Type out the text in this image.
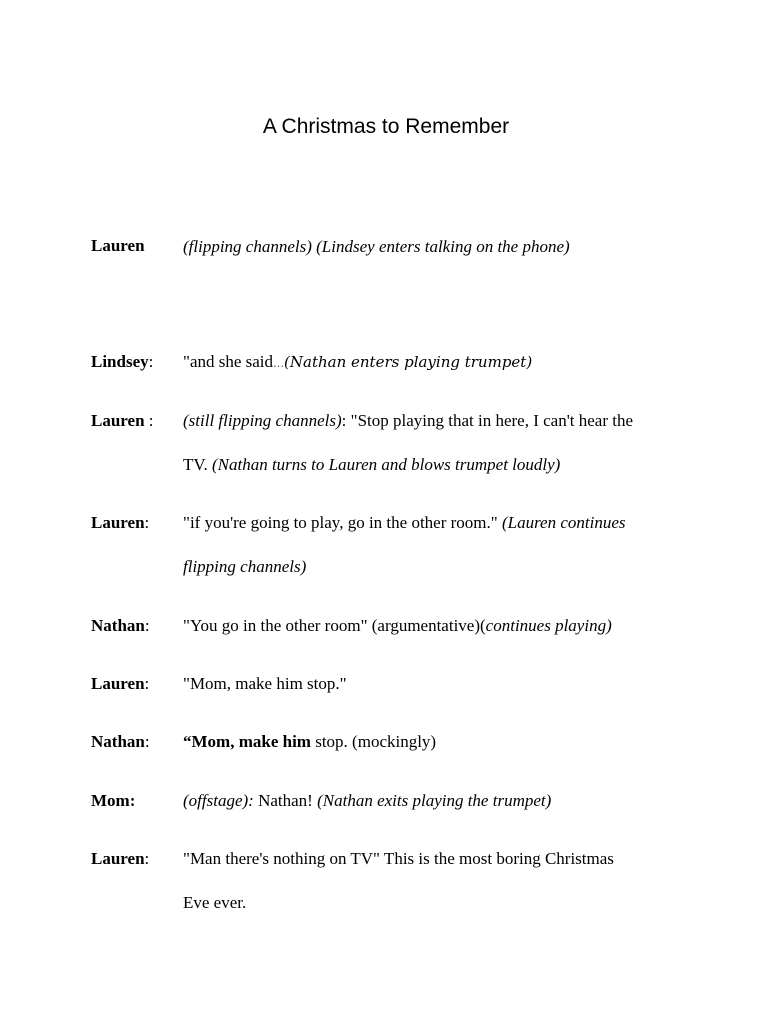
A Christmas to Remember
Lauren (flipping channels) (Lindsey enters talking on the phone)
Lindsey: "and she said…(Nathan enters playing trumpet)
Lauren : (still flipping channels): "Stop playing that in here, I can't hear the
TV. (Nathan turns to Lauren and blows trumpet loudly)
Lauren: "if you're going to play, go in the other room." (Lauren continues
flipping channels)
Nathan: "You go in the other room" (argumentative)(continues playing)
Lauren: "Mom, make him stop."
Nathan: “Mom, make him stop. (mockingly)
Mom:	(offstage): Nathan! (Nathan exits playing the trumpet)
Lauren: "Man there's nothing on TV" This is the most boring Christmas
Eve ever.
